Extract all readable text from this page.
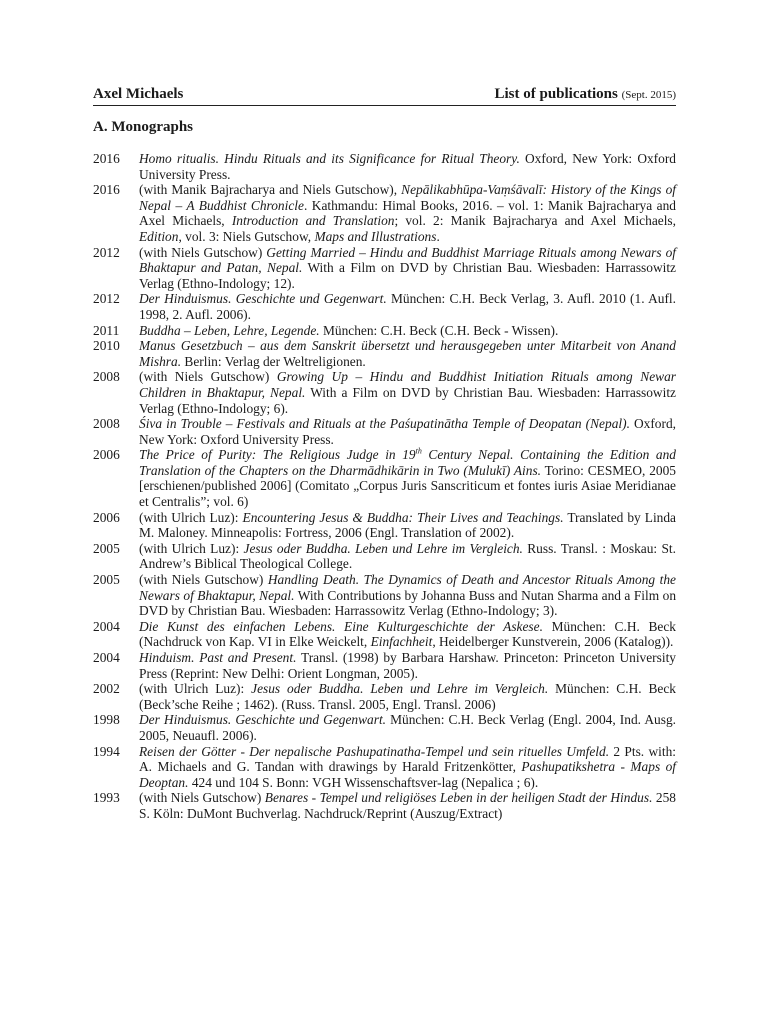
Axel Michaels	List of publications (Sept. 2015)
A. Monographs
2016	Homo ritualis. Hindu Rituals and its Significance for Ritual Theory. Oxford, New York: Oxford University Press.
2016	(with Manik Bajracharya and Niels Gutschow), Nepālikabhūpa-Vaṃśāvalī: History of the Kings of Nepal – A Buddhist Chronicle. Kathmandu: Himal Books, 2016. – vol. 1: Manik Bajracharya and Axel Michaels, Introduction and Translation; vol. 2: Manik Bajracharya and Axel Michaels, Edition, vol. 3: Niels Gutschow, Maps and Illustrations.
2012	(with Niels Gutschow) Getting Married – Hindu and Buddhist Marriage Rituals among Newars of Bhaktapur and Patan, Nepal. With a Film on DVD by Christian Bau. Wiesbaden: Harrassowitz Verlag (Ethno-Indology; 12).
2012	Der Hinduismus. Geschichte und Gegenwart. München: C.H. Beck Verlag, 3. Aufl. 2010 (1. Aufl. 1998, 2. Aufl. 2006).
2011	Buddha – Leben, Lehre, Legende. München: C.H. Beck (C.H. Beck - Wissen).
2010	Manus Gesetzbuch – aus dem Sanskrit übersetzt und herausgegeben unter Mitarbeit von Anand Mishra. Berlin: Verlag der Weltreligionen.
2008	(with Niels Gutschow) Growing Up – Hindu and Buddhist Initiation Rituals among Newar Children in Bhaktapur, Nepal. With a Film on DVD by Christian Bau. Wiesbaden: Harrassowitz Verlag (Ethno-Indology; 6).
2008	Śiva in Trouble – Festivals and Rituals at the Paśupatinātha Temple of Deopatan (Nepal). Oxford, New York: Oxford University Press.
2006	The Price of Purity: The Religious Judge in 19th Century Nepal. Containing the Edition and Translation of the Chapters on the Dharmādhikārin in Two (Mulukī) Ains. Torino: CESMEO, 2005 [erschienen/published 2006] (Comitato „Corpus Juris Sanscriticum et fontes iuris Asiae Meridianae et Centralis”; vol. 6)
2006	(with Ulrich Luz): Encountering Jesus & Buddha: Their Lives and Teachings. Translated by Linda M. Maloney. Minneapolis: Fortress, 2006 (Engl. Translation of 2002).
2005	(with Ulrich Luz): Jesus oder Buddha. Leben und Lehre im Vergleich. Russ. Transl. : Moskau: St. Andrew’s Biblical Theological College.
2005	(with Niels Gutschow) Handling Death. The Dynamics of Death and Ancestor Rituals Among the Newars of Bhaktapur, Nepal. With Contributions by Johanna Buss and Nutan Sharma and a Film on DVD by Christian Bau. Wiesbaden: Harrassowitz Verlag (Ethno-Indology; 3).
2004	Die Kunst des einfachen Lebens. Eine Kulturgeschichte der Askese. München: C.H. Beck (Nachdruck von Kap. VI in Elke Weickelt, Einfachheit, Heidelberger Kunstverein, 2006 (Katalog)).
2004	Hinduism. Past and Present. Transl. (1998) by Barbara Harshaw. Princeton: Princeton University Press (Reprint: New Delhi: Orient Longman, 2005).
2002	(with Ulrich Luz): Jesus oder Buddha. Leben und Lehre im Vergleich. München: C.H. Beck (Beck’sche Reihe ; 1462). (Russ. Transl. 2005, Engl. Transl. 2006)
1998	Der Hinduismus. Geschichte und Gegenwart. München: C.H. Beck Verlag (Engl. 2004, Ind. Ausg. 2005, Neuaufl. 2006).
1994	Reisen der Götter - Der nepalische Pashupatinatha-Tempel und sein rituelles Umfeld. 2 Pts. with: A. Michaels and G. Tandan with drawings by Harald Fritzenkötter, Pashupatikshetra - Maps of Deoptan. 424 und 104 S. Bonn: VGH Wissenschaftsver-lag (Nepalica ; 6).
1993	(with Niels Gutschow) Benares - Tempel und religiöses Leben in der heiligen Stadt der Hindus. 258 S. Köln: DuMont Buchverlag. Nachdruck/Reprint (Auszug/Extract)
